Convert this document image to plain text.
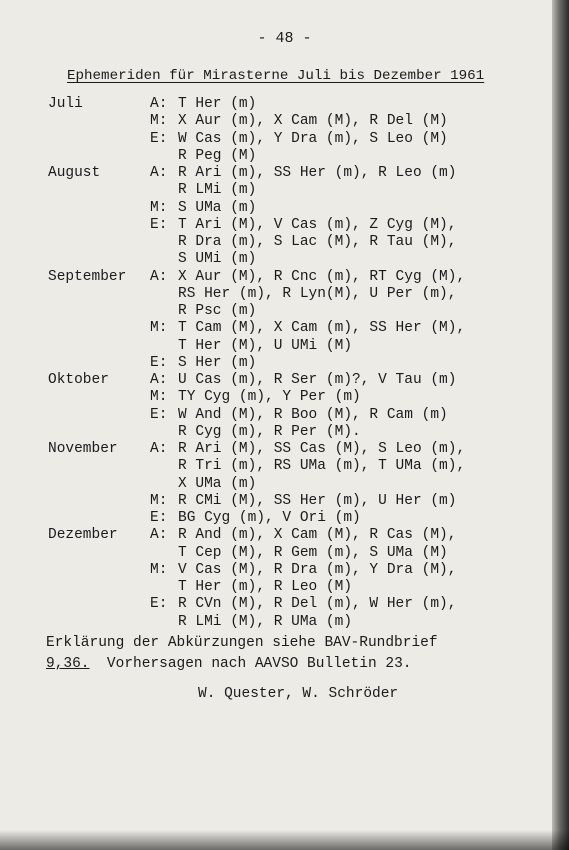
- 48 -
Ephemeriden für Mirasterne Juli bis Dezember 1961
Juli	A: T Her (m)
M: X Aur (m), X Cam (M), R Del (M)
E: W Cas (m), Y Dra (m), S Leo (M)
R Peg (M)
August	A: R Ari (m), SS Her (m), R Leo (m)
R LMi (m)
M: S UMa (m)
E: T Ari (M), V Cas (m), Z Cyg (M),
R Dra (m), S Lac (M), R Tau (M),
S UMi (m)
September A: X Aur (M), R Cnc (m), RT Cyg (M),
RS Her (m), R Lyn(M), U Per (m),
R Psc (m)
M: T Cam (M), X Cam (m), SS Her (M),
T Her (M), U UMi (M)
E: S Her (m)
Oktober	A: U Cas (m), R Ser (m)?, V Tau (m)
M: TY Cyg (m), Y Per (m)
E: W And (M), R Boo (M), R Cam (m)
R Cyg (m), R Per (M).
November A: R Ari (M), SS Cas (M), S Leo (m),
R Tri (m), RS UMa (m), T UMa (m),
X UMa (m)
M: R CMi (M), SS Her (m), U Her (m)
E: BG Cyg (m), V Ori (m)
Dezember A: R And (m), X Cam (M), R Cas (M),
T Cep (M), R Gem (m), S UMa (M)
M: V Cas (M), R Dra (m), Y Dra (M),
T Her (m), R Leo (M)
E: R CVn (M), R Del (m), W Her (m),
R LMi (M), R UMa (m)
Erklärung der Abkürzungen siehe BAV-Rundbrief
9,36.  Vorhersagen nach AAVSO Bulletin 23.
W. Quester, W. Schröder
